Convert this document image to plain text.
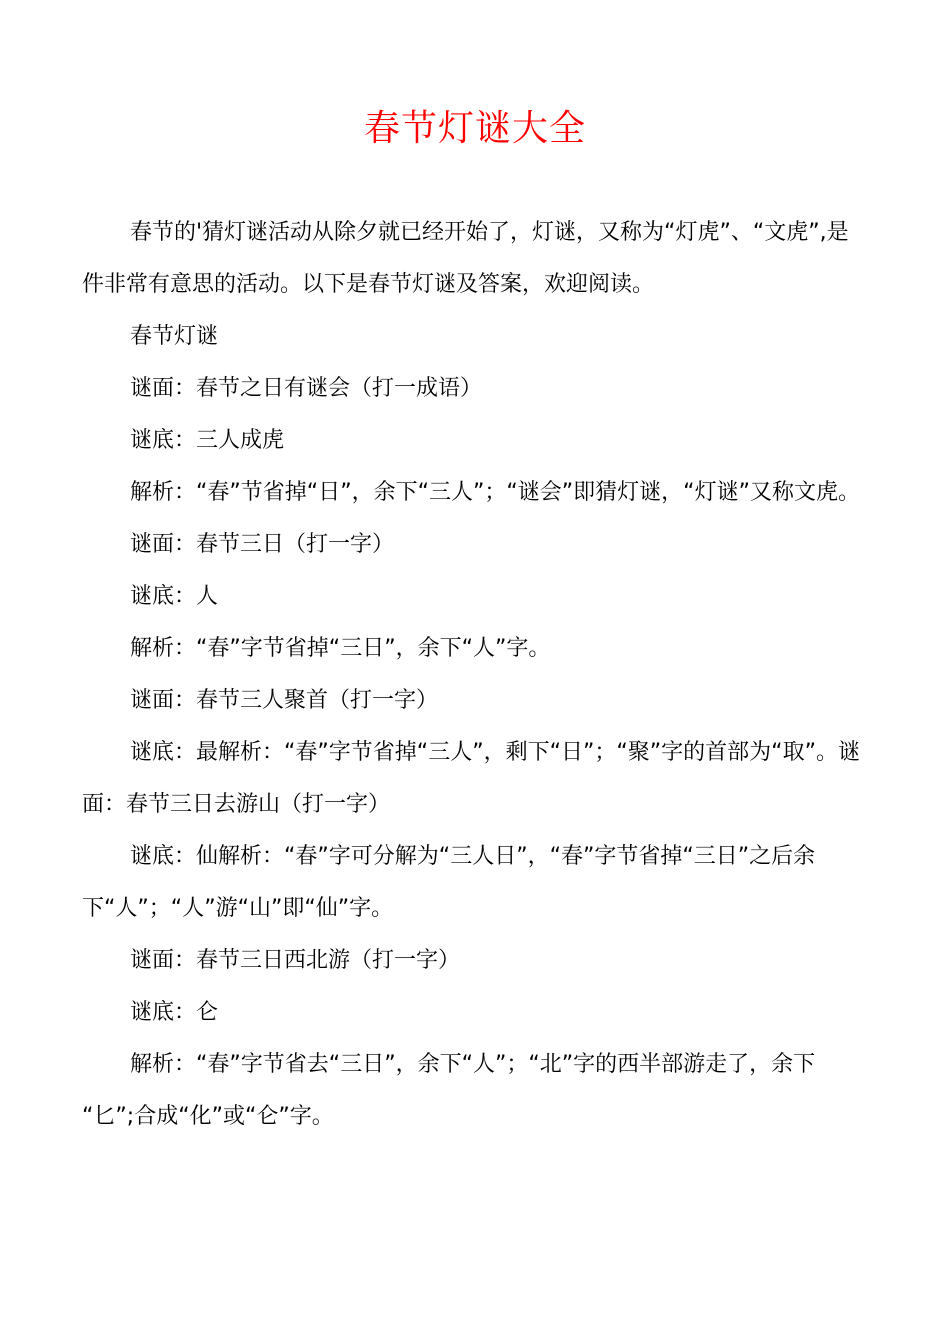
春节灯谜大全

春节的'猜灯谜活动从除夕就已经开始了，灯谜，又称为“灯虎”、“文虎”,是件非常有意思的活动。以下是春节灯谜及答案，欢迎阅读。

春节灯谜

谜面：春节之日有谜会（打一成语）

谜底：三人成虎

解析：“春”节省掉“日”，余下“三人”；“谜会”即猜灯谜，“灯谜”又称文虎。

谜面：春节三日（打一字）

谜底：人

解析：“春”字节省掉“三日”，余下“人”字。

谜面：春节三人聚首（打一字）

谜底：最解析：“春”字节省掉“三人”，剩下“日”；“聚”字的首部为“取”。谜面：春节三日去游山（打一字）

谜底：仙解析：“春”字可分解为“三人日”，“春”字节省掉“三日”之后余下“人”；“人”游“山”即“仙”字。

谜面：春节三日西北游（打一字）

谜底：仑

解析：“春”字节省去“三日”，余下“人”；“北”字的西半部游走了，余下

“匕”;合成“化”或“仑”字。
